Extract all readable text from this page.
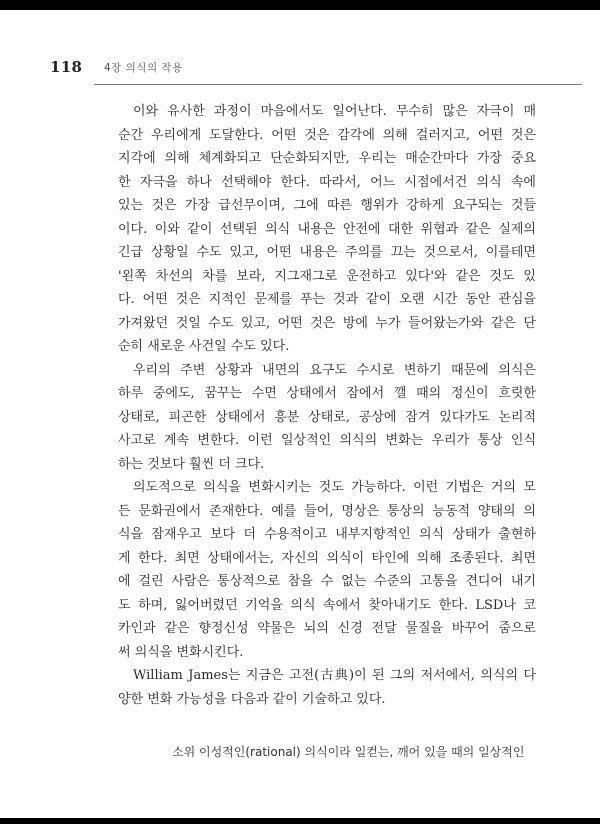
118 4장 의식의 작용
이와 유사한 과정이 마음에서도 일어난다. 무수히 많은 자극이 매
순간 우리에게 도달한다. 어떤 것은 감각에 의해 걸러지고, 어떤 것은
지각에 의해 체계화되고 단순화되지만, 우리는 매순간마다 가장 중요
한 자극을 하나 선택해야 한다. 따라서, 어느 시점에서건 의식 속에
있는 것은 가장 급선무이며, 그에 따른 행위가 강하게 요구되는 것들
이다. 이와 같이 선택된 의식 내용은 안전에 대한 위협과 같은 실제의
긴급 상황일 수도 있고, 어떤 내용은 주의를 끄는 것으로서, 이를테면
'왼쪽 차선의 차를 보라, 지그재그로 운전하고 있다'와 같은 것도 있
다. 어떤 것은 지적인 문제를 푸는 것과 같이 오랜 시간 동안 관심을
가져왔던 것일 수도 있고, 어떤 것은 방에 누가 들어왔는가와 같은 단
순히 새로운 사건일 수도 있다.
우리의 주변 상황과 내면의 요구도 수시로 변하기 때문에 의식은
하루 중에도, 꿈꾸는 수면 상태에서 잠에서 깰 때의 정신이 흐릿한
상태로, 피곤한 상태에서 흥분 상태로, 공상에 잠겨 있다가도 논리적
사고로 계속 변한다. 이런 일상적인 의식의 변화는 우리가 통상 인식
하는 것보다 훨씬 더 크다.
의도적으로 의식을 변화시키는 것도 가능하다. 이런 기법은 거의 모
든 문화권에서 존재한다. 예를 들어, 명상은 통상의 능동적 양태의 의
식을 잠재우고 보다 더 수용적이고 내부지향적인 의식 상태가 출현하
게 한다. 최면 상태에서는, 자신의 의식이 타인에 의해 조종된다. 최면
에 걸린 사람은 통상적으로 참을 수 없는 수준의 고통을 견디어 내기
도 하며, 잃어버렸던 기억을 의식 속에서 찾아내기도 한다. LSD나 코
카인과 같은 향정신성 약물은 뇌의 신경 전달 물질을 바꾸어 줌으로
써 의식을 변화시킨다.
William James는 지금은 고전(古典)이 된 그의 저서에서, 의식의 다
양한 변화 가능성을 다음과 같이 기술하고 있다.
소위 이성적인(rational) 의식이라 일컫는, 깨어 있을 때의 일상적인
